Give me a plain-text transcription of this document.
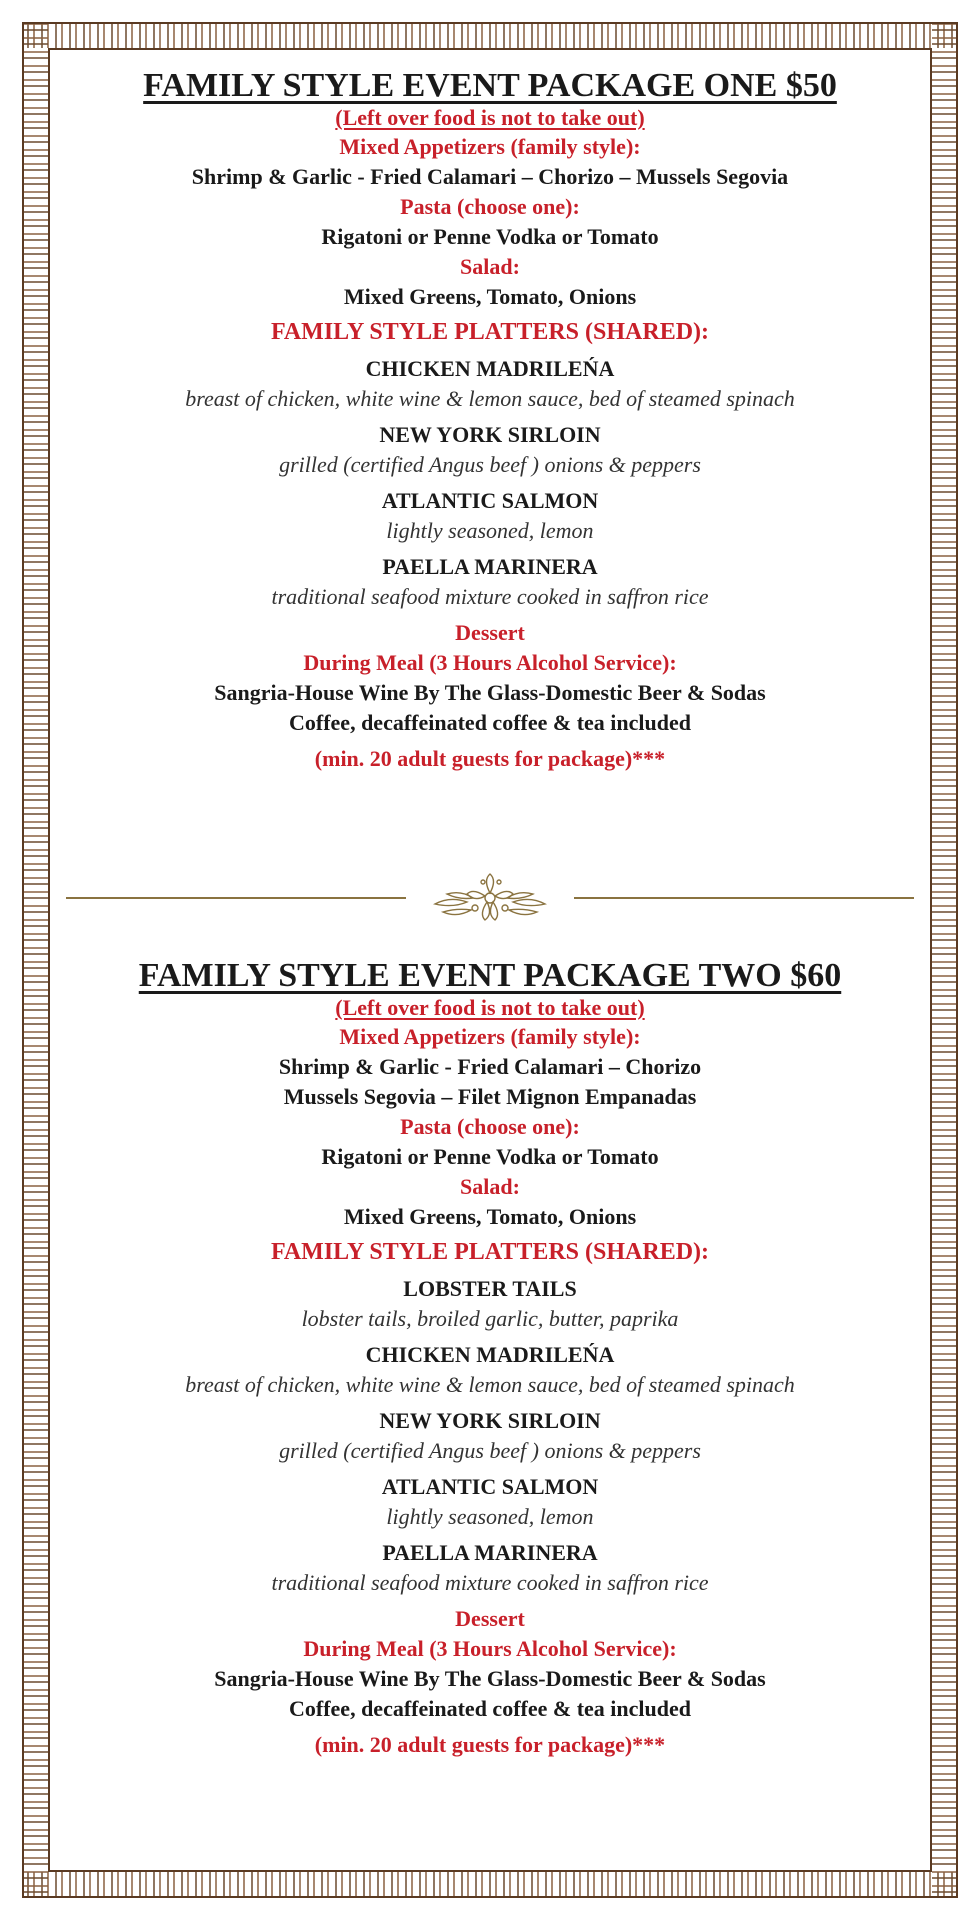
FAMILY STYLE EVENT PACKAGE ONE $50
(Left over food is not to take out)
Mixed Appetizers (family style):
Shrimp & Garlic - Fried Calamari – Chorizo – Mussels Segovia
Pasta (choose one):
Rigatoni or Penne Vodka or Tomato
Salad:
Mixed Greens, Tomato, Onions
FAMILY STYLE PLATTERS (SHARED):
CHICKEN MADRILEŃA
breast of chicken, white wine & lemon sauce, bed of steamed spinach
NEW YORK SIRLOIN
grilled (certified Angus beef ) onions & peppers
ATLANTIC SALMON
lightly seasoned, lemon
PAELLA MARINERA
traditional seafood mixture cooked in saffron rice
Dessert
During Meal (3 Hours Alcohol Service):
Sangria-House Wine By The Glass-Domestic Beer & Sodas
Coffee, decaffeinated coffee & tea included
(min. 20 adult guests for package)***
FAMILY STYLE EVENT PACKAGE TWO $60
(Left over food is not to take out)
Mixed Appetizers (family style):
Shrimp & Garlic - Fried Calamari – Chorizo
Mussels Segovia – Filet Mignon Empanadas
Pasta (choose one):
Rigatoni or Penne Vodka or Tomato
Salad:
Mixed Greens, Tomato, Onions
FAMILY STYLE PLATTERS (SHARED):
LOBSTER TAILS
lobster tails, broiled garlic, butter, paprika
CHICKEN MADRILEŃA
breast of chicken, white wine & lemon sauce, bed of steamed spinach
NEW YORK SIRLOIN
grilled (certified Angus beef ) onions & peppers
ATLANTIC SALMON
lightly seasoned, lemon
PAELLA MARINERA
traditional seafood mixture cooked in saffron rice
Dessert
During Meal (3 Hours Alcohol Service):
Sangria-House Wine By The Glass-Domestic Beer & Sodas
Coffee, decaffeinated coffee & tea included
(min. 20 adult guests for package)***
